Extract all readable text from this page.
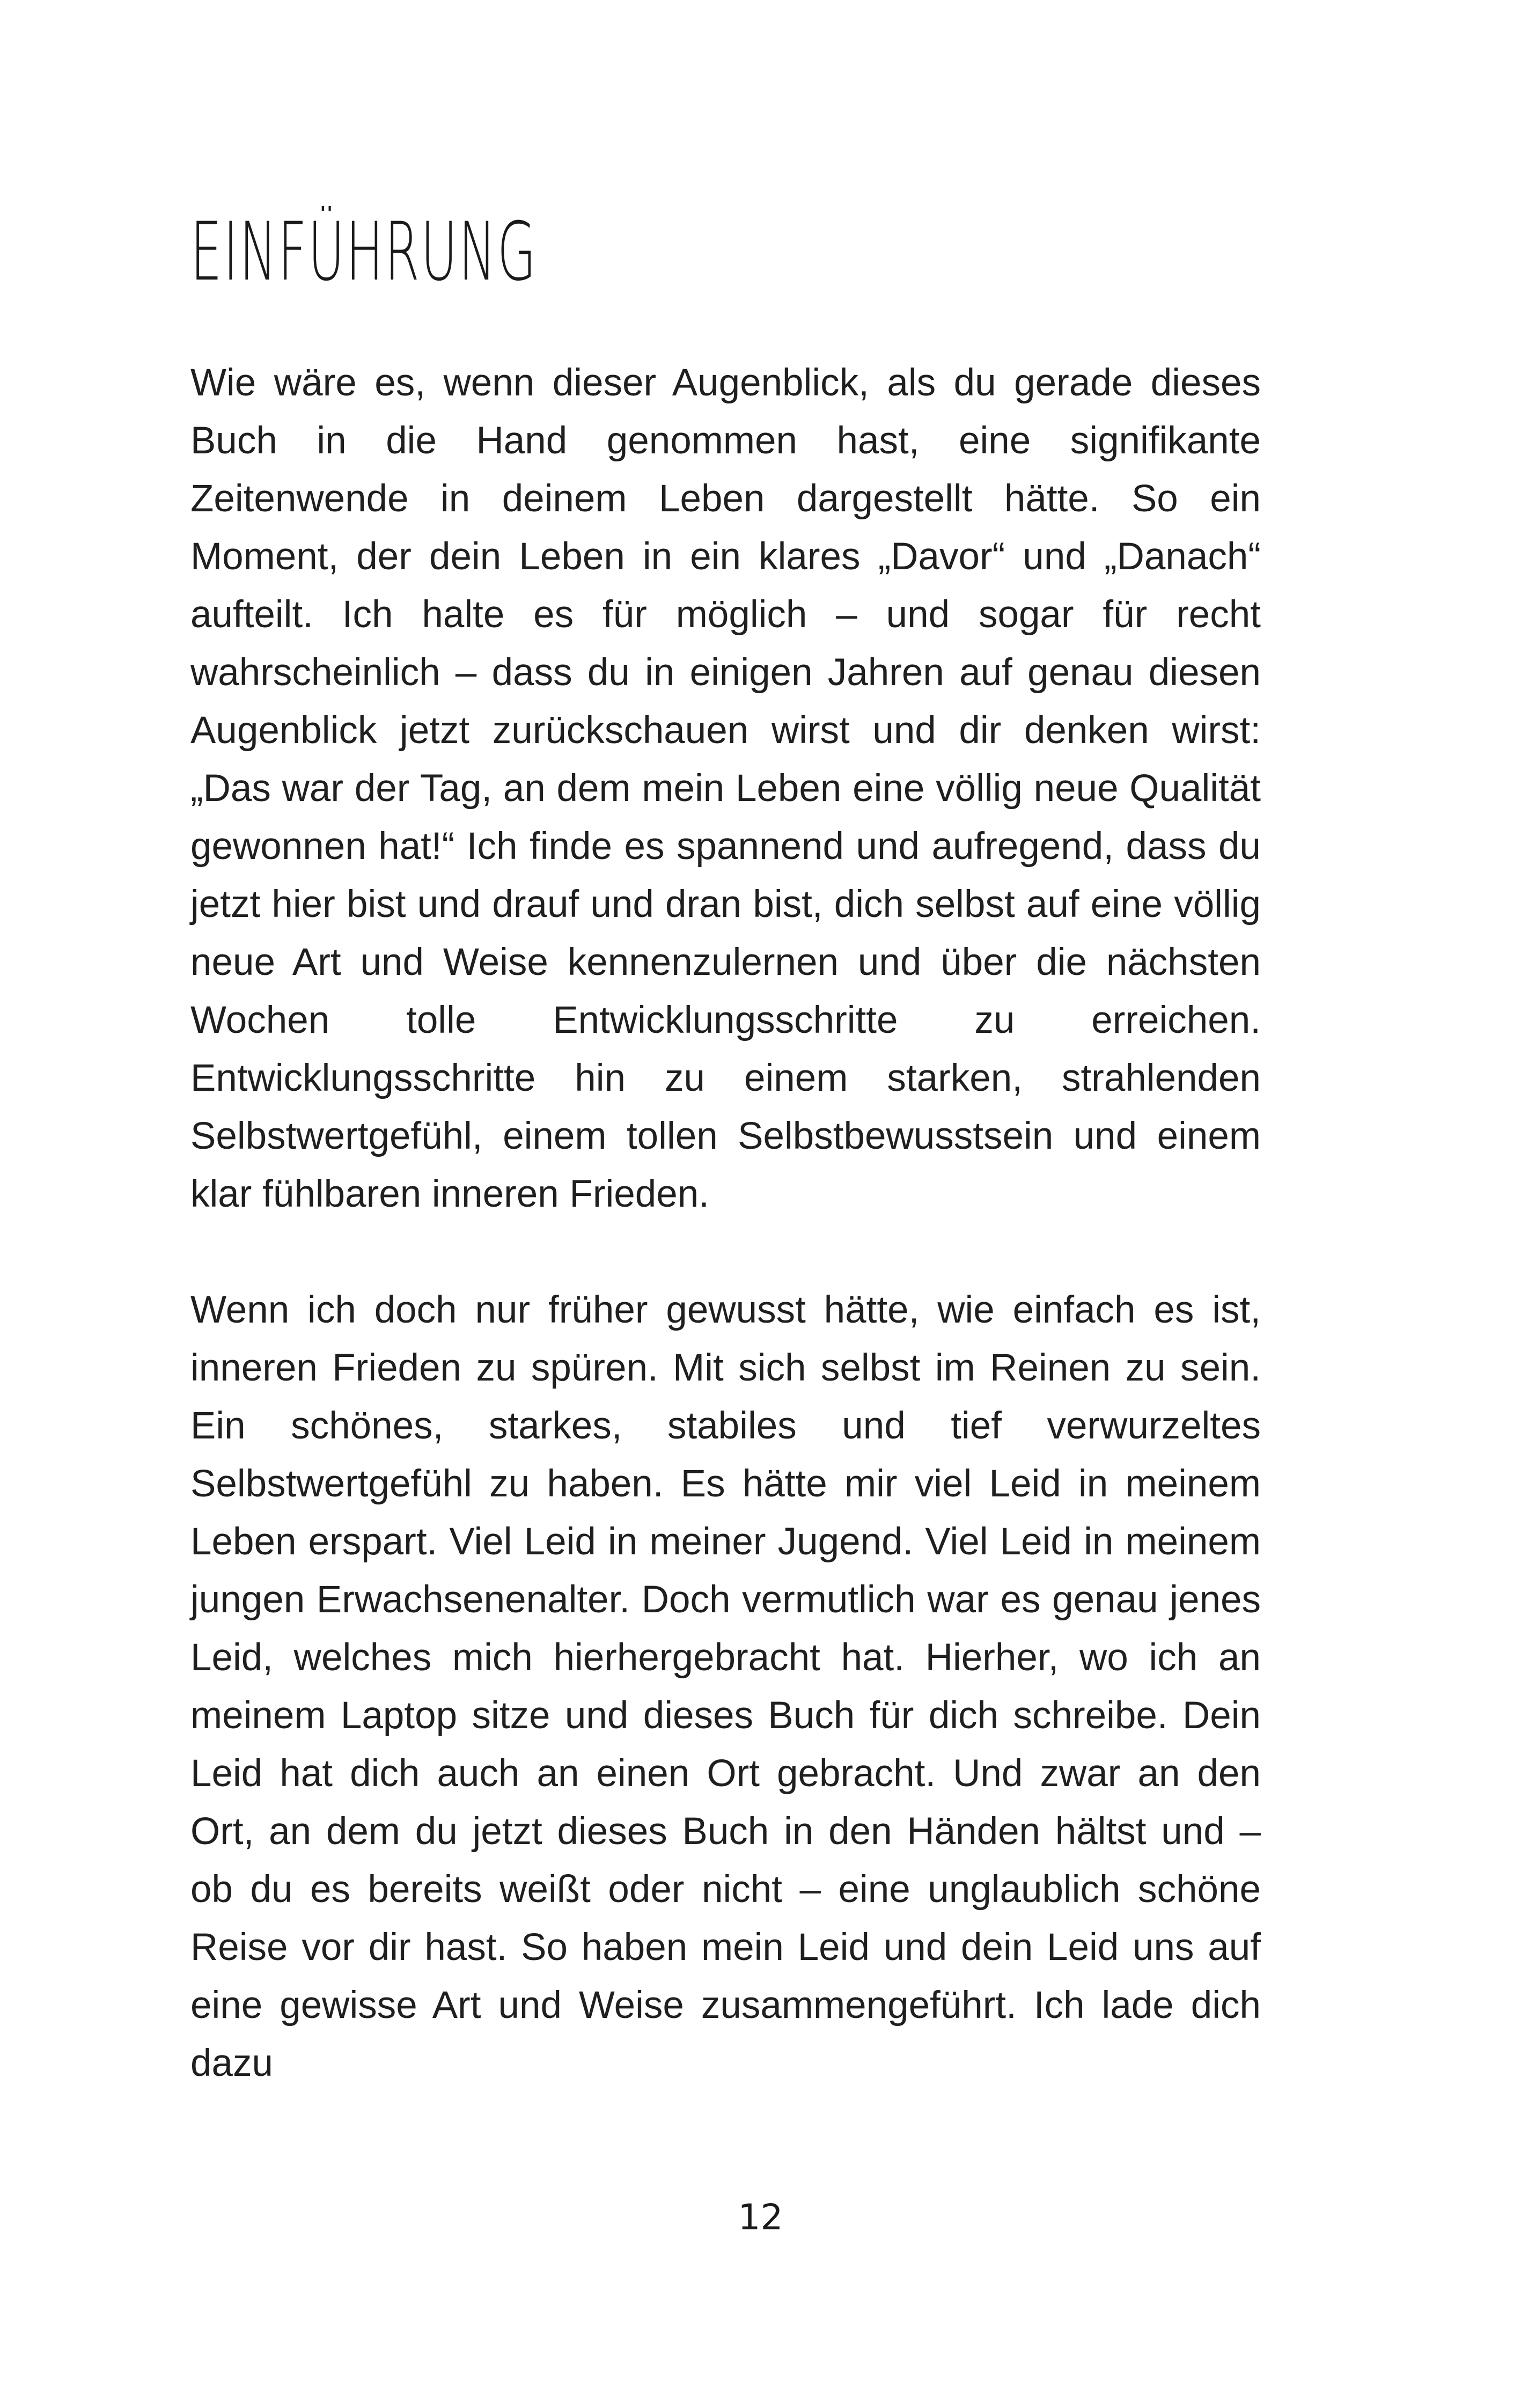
EINFÜHRUNG

Wie wäre es, wenn dieser Augenblick, als du gerade dieses Buch in die Hand genommen hast, eine signifikante Zeitenwende in deinem Leben dargestellt hätte. So ein Moment, der dein Leben in ein klares „Davor“ und „Danach“ aufteilt. Ich halte es für möglich – und sogar für recht wahrscheinlich – dass du in einigen Jahren auf genau diesen Augenblick jetzt zurückschauen wirst und dir denken wirst: „Das war der Tag, an dem mein Leben eine völlig neue Qualität gewonnen hat!“ Ich finde es spannend und aufregend, dass du jetzt hier bist und drauf und dran bist, dich selbst auf eine völlig neue Art und Weise kennenzulernen und über die nächsten Wochen tolle Entwicklungsschritte zu erreichen. Entwicklungsschritte hin zu einem starken, strahlenden Selbstwertgefühl, einem tollen Selbstbewusstsein und einem klar fühlbaren inneren Frieden.

Wenn ich doch nur früher gewusst hätte, wie einfach es ist, inneren Frieden zu spüren. Mit sich selbst im Reinen zu sein. Ein schönes, starkes, stabiles und tief verwurzeltes Selbstwertgefühl zu haben. Es hätte mir viel Leid in meinem Leben erspart. Viel Leid in meiner Jugend. Viel Leid in meinem jungen Erwachsenenalter. Doch vermutlich war es genau jenes Leid, welches mich hierhergebracht hat. Hierher, wo ich an meinem Laptop sitze und dieses Buch für dich schreibe. Dein Leid hat dich auch an einen Ort gebracht. Und zwar an den Ort, an dem du jetzt dieses Buch in den Händen hältst und – ob du es bereits weißt oder nicht – eine unglaublich schöne Reise vor dir hast. So haben mein Leid und dein Leid uns auf eine gewisse Art und Weise zusammengeführt. Ich lade dich dazu

12
